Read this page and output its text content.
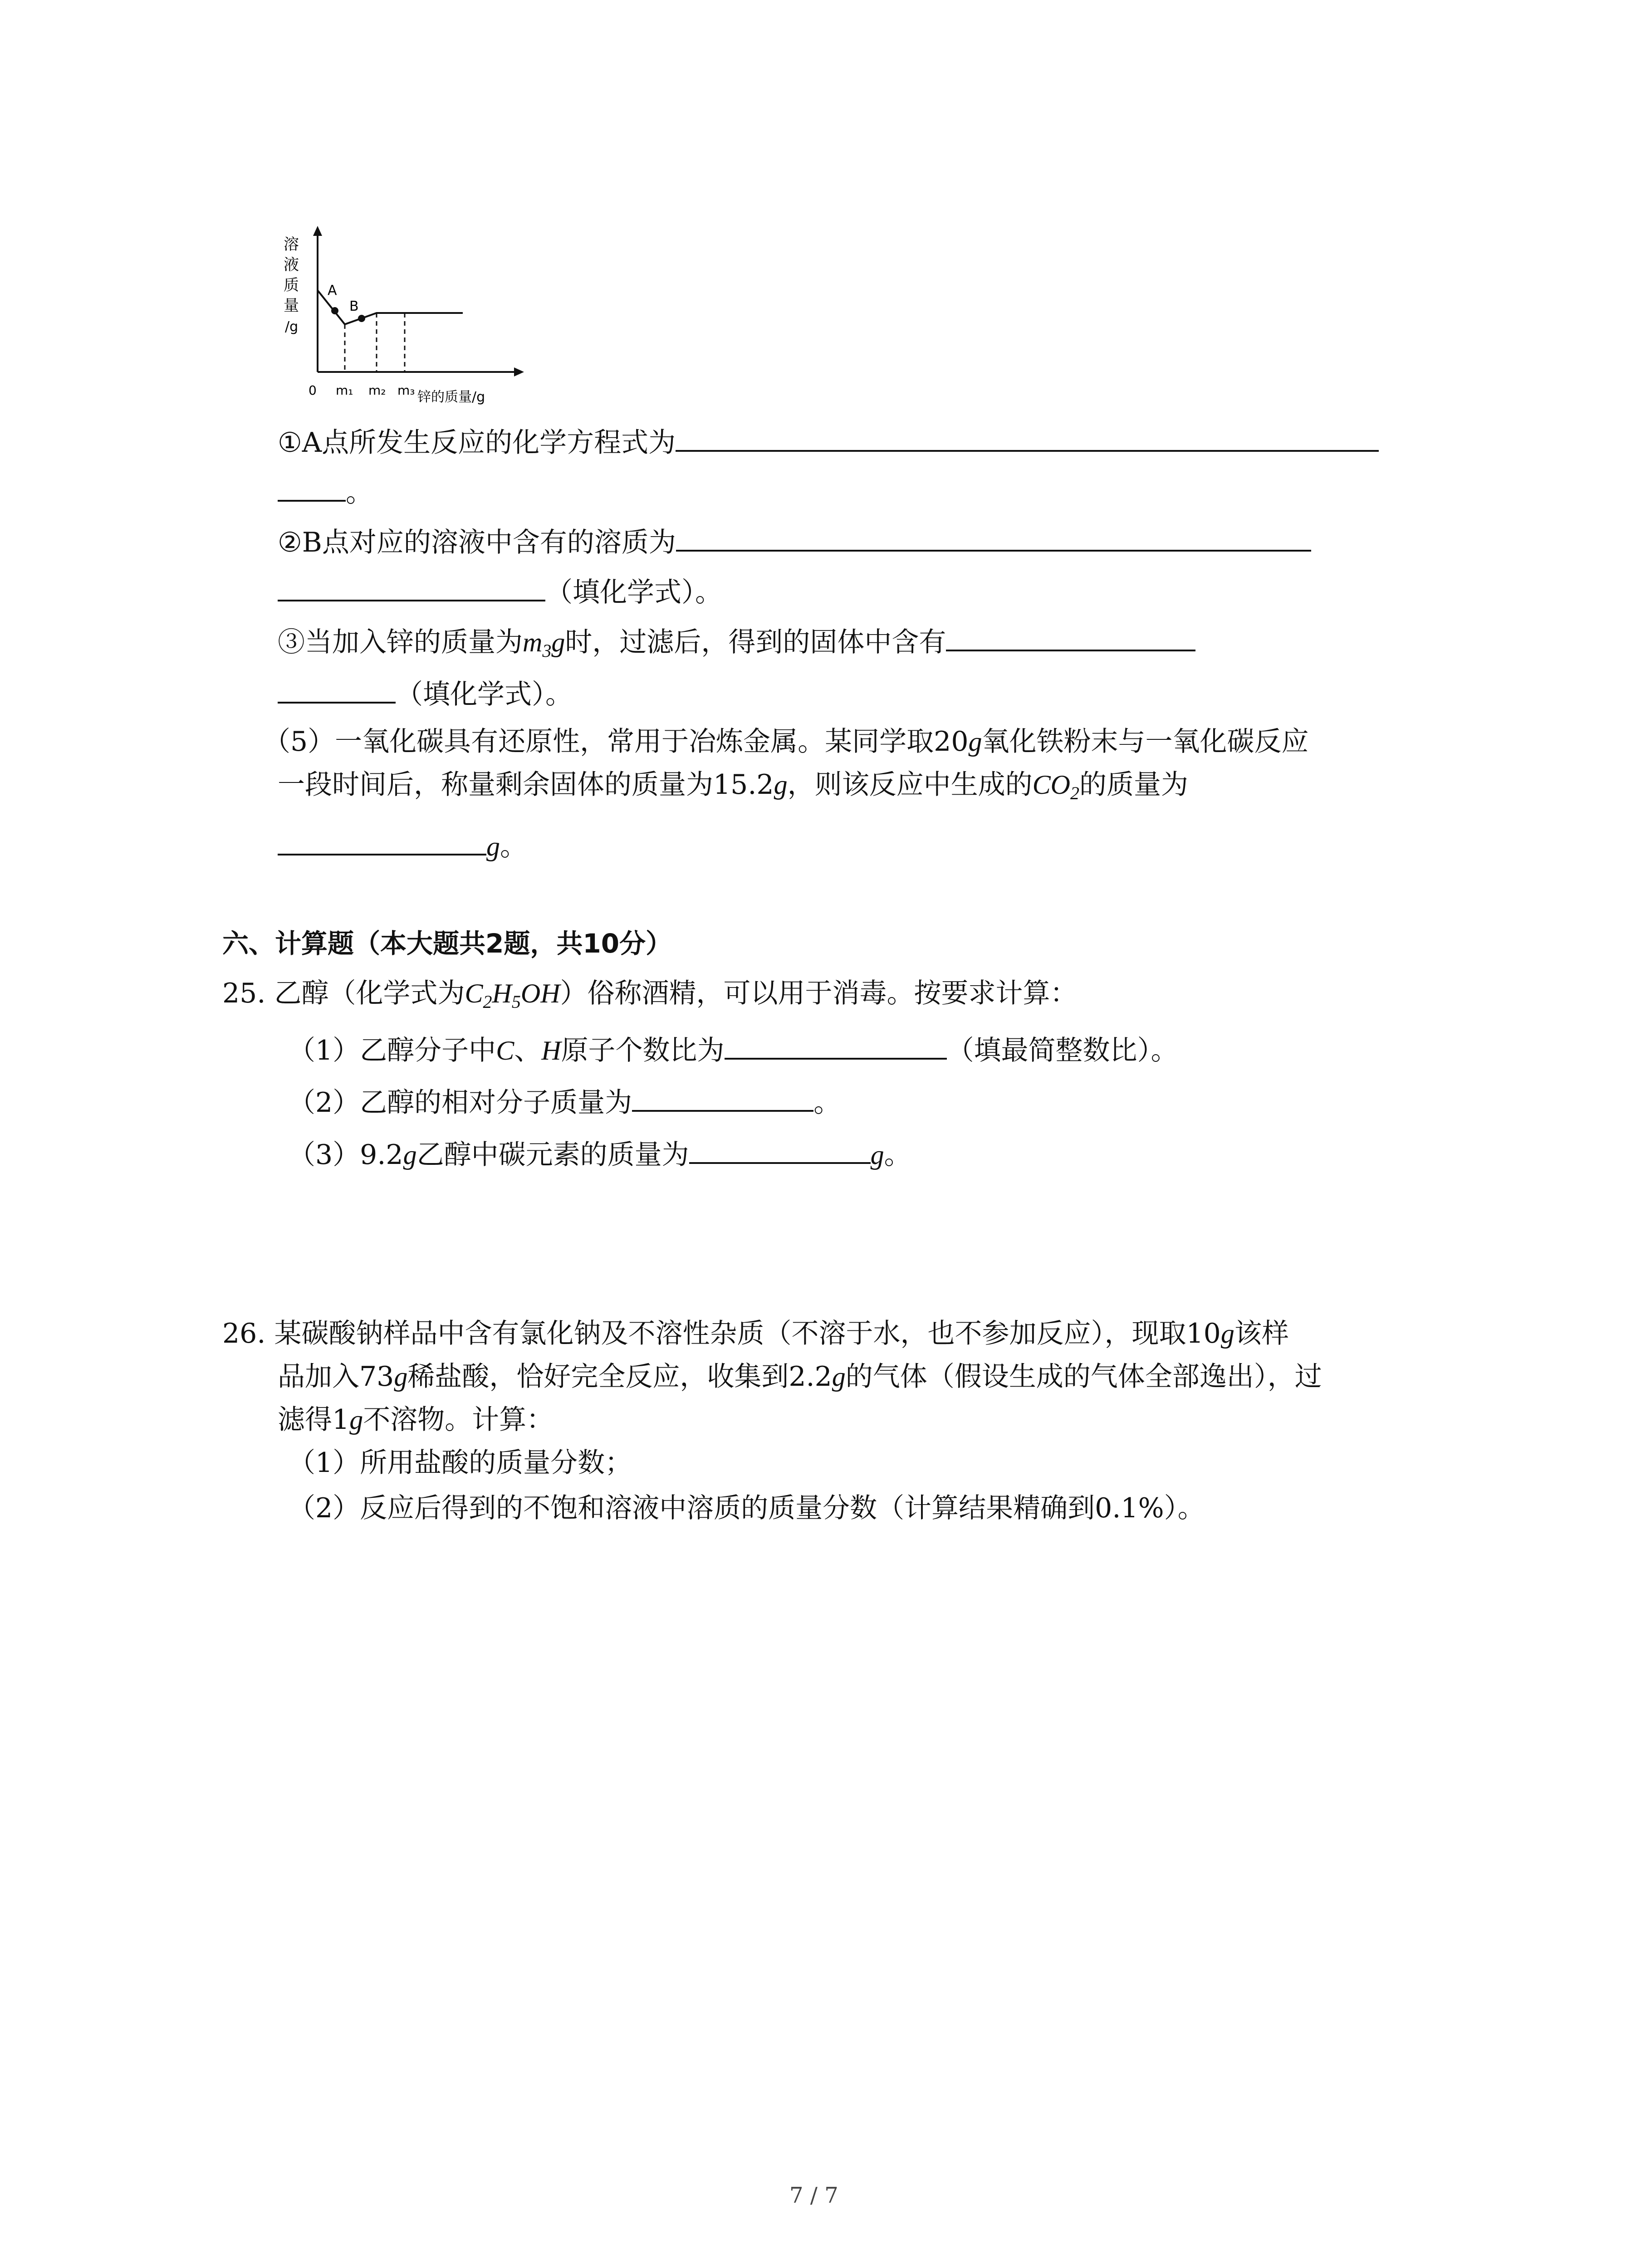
溶
液
质
量
/g
A
B
0 m₁ m₂ m₃ 锌的质量/g
①A点所发生反应的化学方程式为
。
②B点对应的溶液中含有的溶质为
（填化学式）。
③当加入锌的质量为$m_3g$时，过滤后，得到的固体中含有
（填化学式）。
（5）一氧化碳具有还原性，常用于冶炼金属。某同学取20g氧化铁粉末与一氧化碳反应
一段时间后，称量剩余固体的质量为15.2g，则该反应中生成的$CO_2$的质量为
g。
六、计算题（本大题共2题，共10分）
25. 乙醇（化学式为$C_2H_5OH$）俗称酒精，可以用于消毒。按要求计算：
（1）乙醇分子中C、H原子个数比为	（填最简整数比）。
（2）乙醇的相对分子质量为	。
（3）9.2g乙醇中碳元素的质量为	g。
26. 某碳酸钠样品中含有氯化钠及不溶性杂质（不溶于水，也不参加反应），现取10g该样
品加入73g稀盐酸，恰好完全反应，收集到2.2g的气体（假设生成的气体全部逸出），过
滤得1g不溶物。计算：
（1）所用盐酸的质量分数；
（2）反应后得到的不饱和溶液中溶质的质量分数（计算结果精确到0.1%）。
7 / 7
